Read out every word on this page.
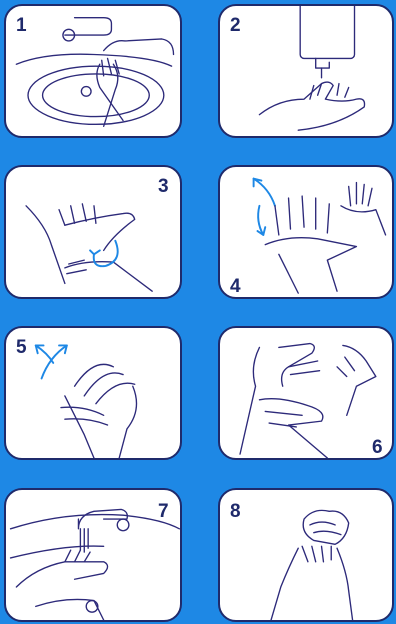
1	2
3
4
5
6
7	8
